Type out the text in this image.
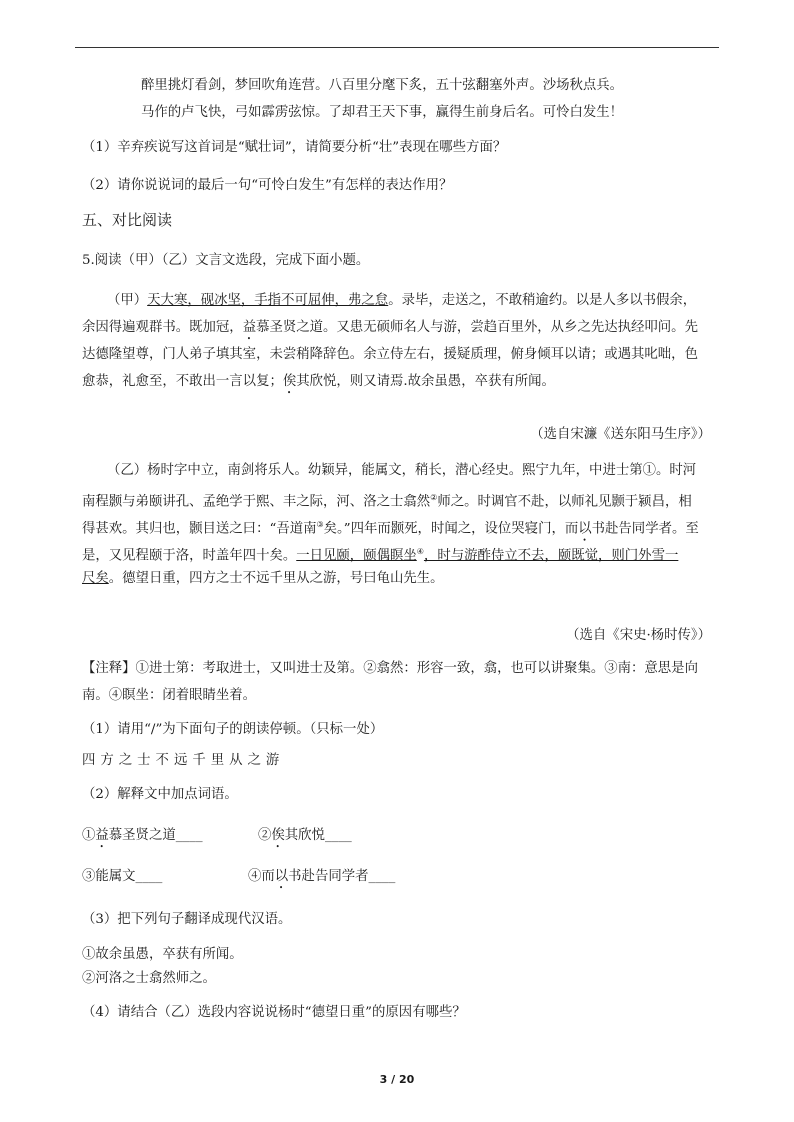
醉里挑灯看剑，梦回吹角连营。八百里分麾下炙，五十弦翻塞外声。沙场秋点兵。
马作的卢飞快，弓如霹雳弦惊。了却君王天下事，赢得生前身后名。可怜白发生！
（1）辛弃疾说写这首词是“赋壮词”，请简要分析“壮”表现在哪些方面？
（2）请你说说词的最后一句“可怜白发生”有怎样的表达作用？
五、对比阅读
5.阅读（甲）（乙）文言文选段，完成下面小题。
（甲）天大寒，砚冰坚，手指不可屈伸，弗之怠。录毕，走送之，不敢稍逾约。以是人多以书假余，
余因得遍观群书。既加冠，益慕圣贤之道。又患无硕师名人与游，尝趋百里外，从乡之先达执经叩问。先
达德隆望尊，门人弟子填其室，未尝稍降辞色。余立侍左右，援疑质理，俯身倾耳以请；或遇其叱咄，色
愈恭，礼愈至，不敢出一言以复；俟其欣悦，则又请焉.故余虽愚，卒获有所闻。
（选自宋濂《送东阳马生序》）
（乙）杨时字中立，南剑将乐人。幼颖异，能属文，稍长，潜心经史。熙宁九年，中进士第①。时河
南程颢与弟颐讲孔、孟绝学于熙、丰之际，河、洛之士翕然②师之。时调官不赴，以师礼见颢于颍昌，相
得甚欢。其归也，颢目送之曰：“吾道南③矣。”四年而颢死，时闻之，设位哭寝门，而以书赴告同学者。至
是，又见程颐于洛，时盖年四十矣。一日见颐，颐偶瞑坐④，时与游酢侍立不去，颐既觉，则门外雪一
尺矣。德望日重，四方之士不远千里从之游，号曰龟山先生。
（选自《宋史·杨时传》）
【注释】①进士第：考取进士，又叫进士及第。②翕然：形容一致，翕，也可以讲聚集。③南：意思是向
南。④瞑坐：闭着眼睛坐着。
（1）请用“/”为下面句子的朗读停顿。（只标一处）
四方之士不远千里从之游
（2）解释文中加点词语。
①益慕圣贤之道____	②俟其欣悦____
③能属文____	④而以书赴告同学者____
（3）把下列句子翻译成现代汉语。
①故余虽愚，卒获有所闻。
②河洛之士翕然师之。
（4）请结合（乙）选段内容说说杨时“德望日重”的原因有哪些？
3 / 20
